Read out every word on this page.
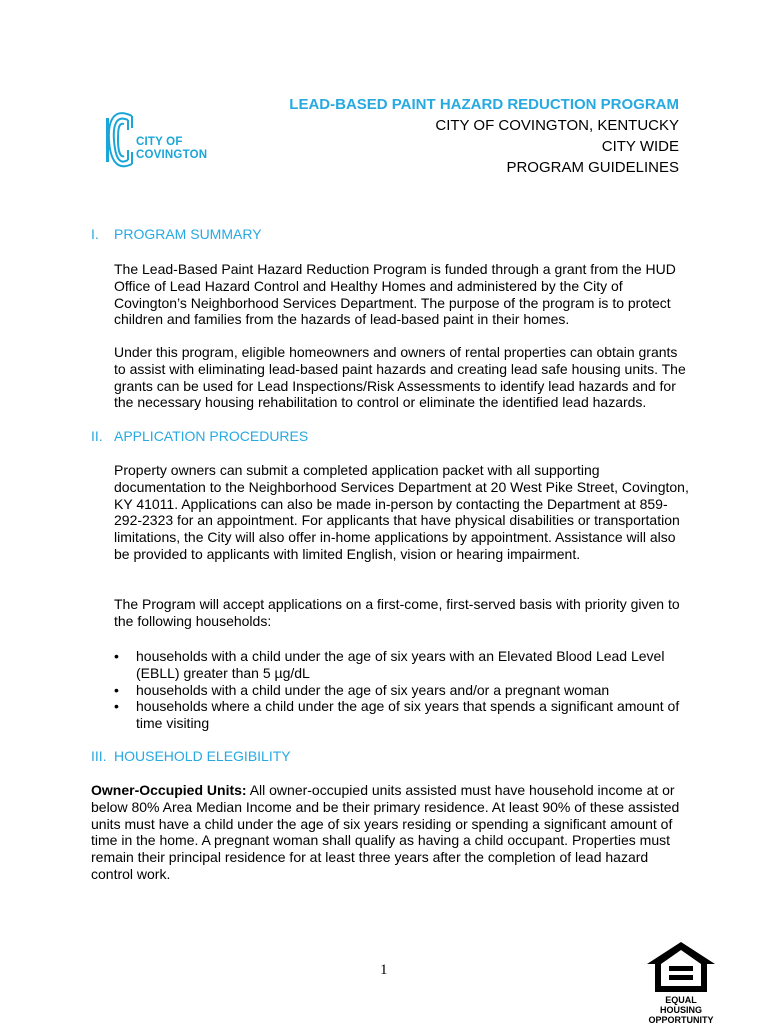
CITY OF
COVINGTON
LEAD-BASED PAINT HAZARD REDUCTION PROGRAM
CITY OF COVINGTON, KENTUCKY
CITY WIDE
PROGRAM GUIDELINES
I. PROGRAM SUMMARY
The Lead-Based Paint Hazard Reduction Program is funded through a grant from the HUD Office of Lead Hazard Control and Healthy Homes and administered by the City of Covington’s Neighborhood Services Department. The purpose of the program is to protect children and families from the hazards of lead-based paint in their homes.
Under this program, eligible homeowners and owners of rental properties can obtain grants to assist with eliminating lead-based paint hazards and creating lead safe housing units. The grants can be used for Lead Inspections/Risk Assessments to identify lead hazards and for the necessary housing rehabilitation to control or eliminate the identified lead hazards.
II. APPLICATION PROCEDURES
Property owners can submit a completed application packet with all supporting documentation to the Neighborhood Services Department at 20 West Pike Street, Covington, KY 41011. Applications can also be made in-person by contacting the Department at 859-292-2323 for an appointment. For applicants that have physical disabilities or transportation limitations, the City will also offer in-home applications by appointment. Assistance will also be provided to applicants with limited English, vision or hearing impairment.
The Program will accept applications on a first-come, first-served basis with priority given to the following households:
• households with a child under the age of six years with an Elevated Blood Lead Level (EBLL) greater than 5 µg/dL
• households with a child under the age of six years and/or a pregnant woman
• households where a child under the age of six years that spends a significant amount of time visiting
III. HOUSEHOLD ELEGIBILITY
Owner-Occupied Units: All owner-occupied units assisted must have household income at or below 80% Area Median Income and be their primary residence. At least 90% of these assisted units must have a child under the age of six years residing or spending a significant amount of time in the home. A pregnant woman shall qualify as having a child occupant. Properties must remain their principal residence for at least three years after the completion of lead hazard control work.
1
EQUAL HOUSING
OPPORTUNITY
